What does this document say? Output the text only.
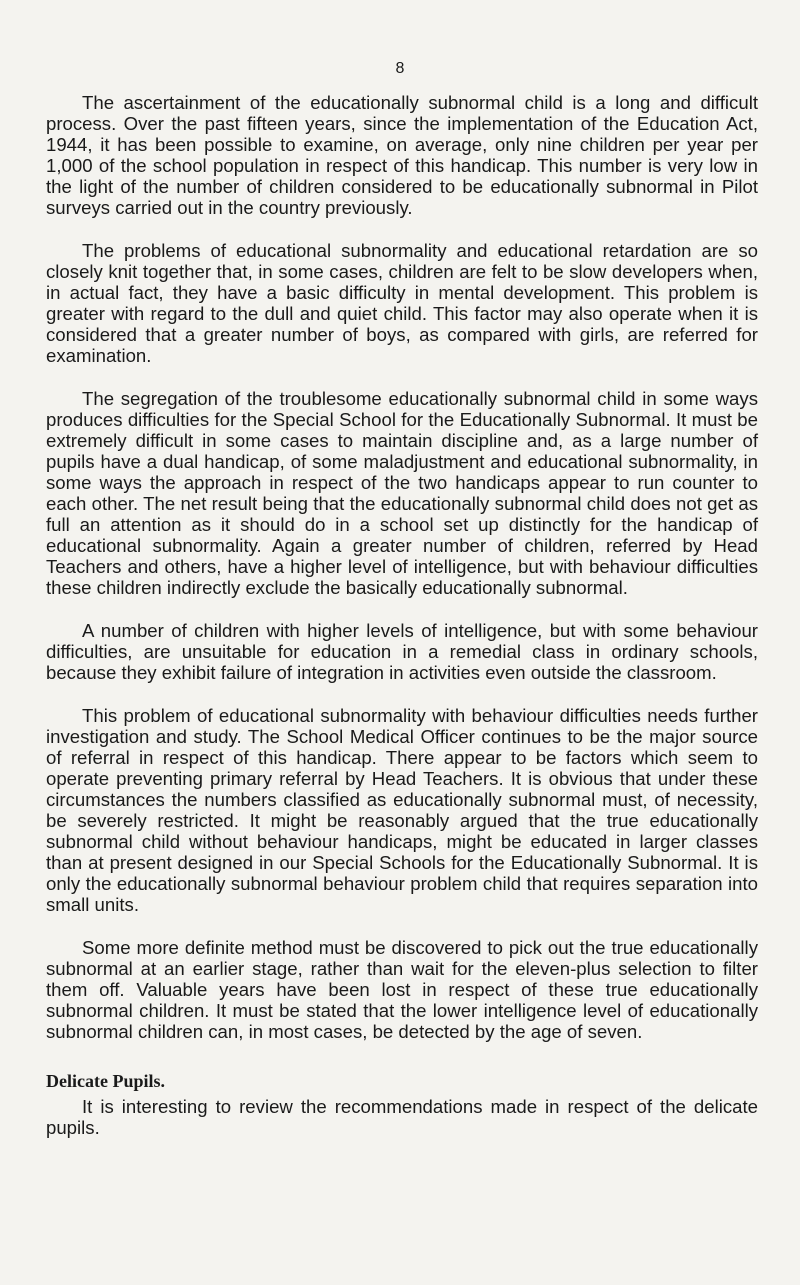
8

The ascertainment of the educationally subnormal child is a long and difficult process. Over the past fifteen years, since the implementation of the Education Act, 1944, it has been possible to examine, on average, only nine children per year per 1,000 of the school population in respect of this handicap. This number is very low in the light of the number of children considered to be educationally subnormal in Pilot surveys carried out in the country previously.

The problems of educational subnormality and educational retardation are so closely knit together that, in some cases, children are felt to be slow developers when, in actual fact, they have a basic difficulty in mental development. This problem is greater with regard to the dull and quiet child. This factor may also operate when it is considered that a greater number of boys, as compared with girls, are referred for examination.

The segregation of the troublesome educationally subnormal child in some ways produces difficulties for the Special School for the Educationally Subnormal. It must be extremely difficult in some cases to maintain discipline and, as a large number of pupils have a dual handicap, of some maladjustment and educational subnormality, in some ways the approach in respect of the two handicaps appear to run counter to each other. The net result being that the educationally subnormal child does not get as full an attention as it should do in a school set up distinctly for the handicap of educational subnormality. Again a greater number of children, referred by Head Teachers and others, have a higher level of intelligence, but with behaviour difficulties these children indirectly exclude the basically educationally subnormal.

A number of children with higher levels of intelligence, but with some behaviour difficulties, are unsuitable for education in a remedial class in ordinary schools, because they exhibit failure of integration in activities even outside the classroom.

This problem of educational subnormality with behaviour difficulties needs further investigation and study. The School Medical Officer continues to be the major source of referral in respect of this handicap. There appear to be factors which seem to operate preventing primary referral by Head Teachers. It is obvious that under these circumstances the numbers classified as educationally subnormal must, of necessity, be severely restricted. It might be reasonably argued that the true educationally subnormal child without behaviour handicaps, might be educated in larger classes than at present designed in our Special Schools for the Educationally Subnormal. It is only the educationally subnormal behaviour problem child that requires separation into small units.

Some more definite method must be discovered to pick out the true educationally subnormal at an earlier stage, rather than wait for the eleven-plus selection to filter them off. Valuable years have been lost in respect of these true educationally subnormal children. It must be stated that the lower intelligence level of educationally subnormal children can, in most cases, be detected by the age of seven.

Delicate Pupils.

It is interesting to review the recommendations made in respect of the delicate pupils.
